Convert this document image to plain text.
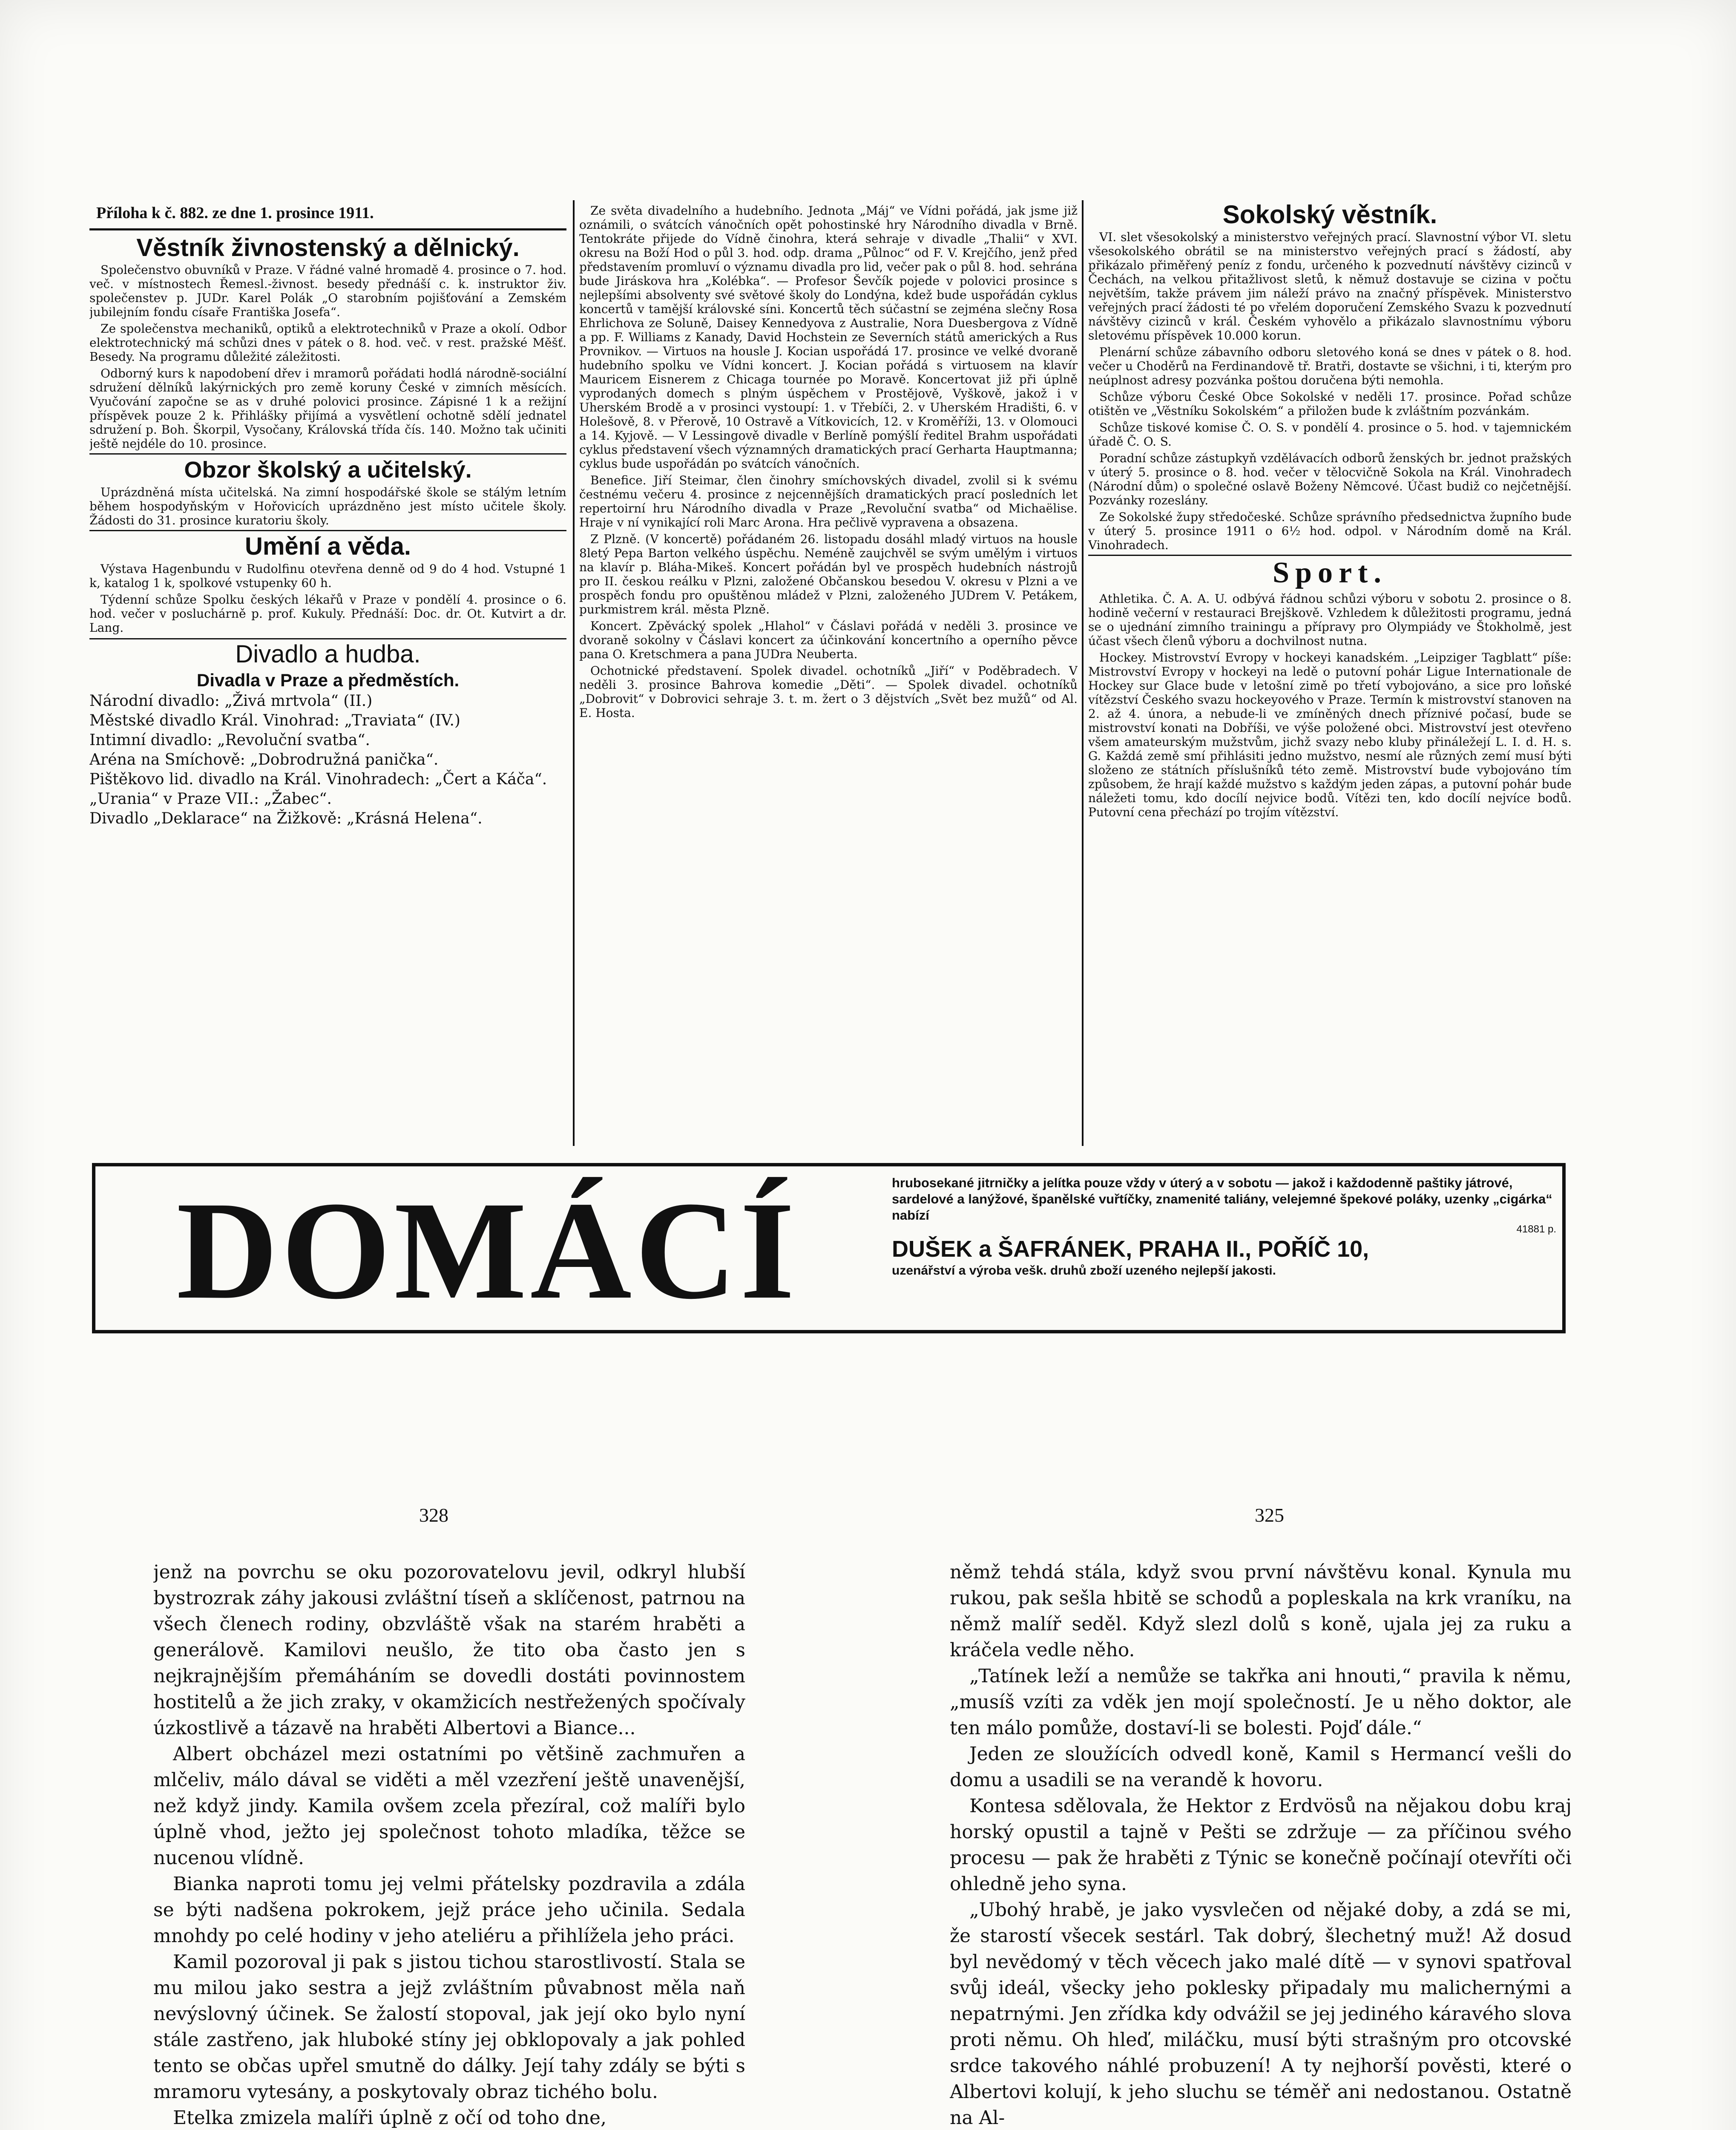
Příloha k č. 882. ze dne 1. prosince 1911.
Věstník živnostenský a dělnický.

Společenstvo obuvníků v Praze. V řádné valné hromadě 4. prosince o 7. hod. več. v místnostech Řemesl.-živnost. besedy přednáší c. k. instruktor živ. společenstev p. JUDr. Karel Polák „O starobním pojišťování a Zemském jubilejním fondu císaře Františka Josefa“.

Ze společenstva mechaniků, optiků a elektrotechniků v Praze a okolí. Odbor elektrotechnický má schůzi dnes v pátek o 8. hod. več. v rest. pražské Měšť. Besedy. Na programu důležité záležitosti.

Odborný kurs k napodobení dřev i mramorů pořádati hodlá národně-sociální sdružení dělníků lakýrnických pro země koruny České v zimních měsících. Vyučování započne se as v druhé polovici prosince. Zápisné 1 k a režijní příspěvek pouze 2 k. Přihlášky přijímá a vysvětlení ochotně sdělí jednatel sdružení p. Boh. Škorpil, Vysočany, Královská třída čís. 140. Možno tak učiniti ještě nejdéle do 10. prosince.

Obzor školský a učitelský.

Uprázdněná místa učitelská. Na zimní hospodářské škole se stálým letním během hospodyňským v Hořovicích uprázdněno jest místo učitele školy. Žádosti do 31. prosince kuratoriu školy.

Umění a věda.

Výstava Hagenbundu v Rudolfinu otevřena denně od 9 do 4 hod. Vstupné 1 k, katalog 1 k, spolkové vstupenky 60 h.

Týdenní schůze Spolku českých lékařů v Praze v pondělí 4. prosince o 6. hod. večer v posluchárně p. prof. Kukuly. Přednáší: Doc. dr. Ot. Kutvirt a dr. Lang.

Divadlo a hudba.
Divadla v Praze a předměstích.
Národní divadlo: „Živá mrtvola“ (II.)
Městské divadlo Král. Vinohrad: „Traviata“ (IV.)
Intimní divadlo: „Revoluční svatba“.
Aréna na Smíchově: „Dobrodružná panička“.
Pištěkovo lid. divadlo na Král. Vinohradech: „Čert a Káča“.
„Urania“ v Praze VII.: „Žabec“.
Divadlo „Deklarace“ na Žižkově: „Krásná Helena“.

Ze světa divadelního a hudebního. Jednota „Máj“ ve Vídni pořádá, jak jsme již oznámili, o svátcích vánočních opět pohostinské hry Národního divadla v Brně. Tentokráte přijede do Vídně činohra, která sehraje v divadle „Thalii“ v XVI. okresu na Boží Hod o půl 3. hod. odp. drama „Půlnoc“ od F. V. Krejčího, jenž před představením promluví o významu divadla pro lid, večer pak o půl 8. hod. sehrána bude Jiráskova hra „Kolébka“. — Profesor Ševčík pojede v polovici prosince s nejlepšími absolventy své světové školy do Londýna, kdež bude uspořádán cyklus koncertů v tamější královské síni. Koncertů těch súčastní se zejména slečny Rosa Ehrlichova ze Soluně, Daisey Kennedyova z Australie, Nora Duesbergova z Vídně a pp. F. Williams z Kanady, David Hochstein ze Severních států amerických a Rus Provnikov. — Virtuos na housle J. Kocian uspořádá 17. prosince ve velké dvoraně hudebního spolku ve Vídni koncert. J. Kocian pořádá s virtuosem na klavír Mauricem Eisnerem z Chicaga tournée po Moravě. Koncertovat již při úplně vyprodaných domech s plným úspěchem v Prostějově, Vyškově, jakož i v Uherském Brodě a v prosinci vystoupí: 1. v Třebíči, 2. v Uherském Hradišti, 6. v Holešově, 8. v Přerově, 10 Ostravě a Vítkovicích, 12. v Kroměříži, 13. v Olomouci a 14. Kyjově. — V Lessingově divadle v Berlíně pomýšlí ředitel Brahm uspořádati cyklus představení všech významných dramatických prací Gerharta Hauptmanna; cyklus bude uspořádán po svátcích vánočních.

Benefice. Jiří Steimar, člen činohry smíchovských divadel, zvolil si k svému čestnému večeru 4. prosince z nejcennějších dramatických prací posledních let repertoirní hru Národního divadla v Praze „Revoluční svatba“ od Michaëlise. Hraje v ní vynikající roli Marc Arona. Hra pečlivě vypravena a obsazena.

Z Plzně. (V koncertě) pořádaném 26. listopadu dosáhl mladý virtuos na housle 8letý Pepa Barton velkého úspěchu. Neméně zaujchvěl se svým umělým i virtuos na klavír p. Bláha-Mikeš. Koncert pořádán byl ve prospěch hudebních nástrojů pro II. českou reálku v Plzni, založené Občanskou besedou V. okresu v Plzni a ve prospěch fondu pro opuštěnou mládež v Plzni, založeného JUDrem V. Petákem, purkmistrem král. města Plzně.

Koncert. Zpěvácký spolek „Hlahol“ v Čáslavi pořádá v neděli 3. prosince ve dvoraně sokolny v Čáslavi koncert za účinkování koncertního a operního pěvce pana O. Kretschmera a pana JUDra Neuberta.

Ochotnické představení. Spolek divadel. ochotníků „Jiří“ v Poděbradech. V neděli 3. prosince Bahrova komedie „Děti“. — Spolek divadel. ochotníků „Dobrovit“ v Dobrovici sehraje 3. t. m. žert o 3 dějstvích „Svět bez mužů“ od Al. E. Hosta.

Sokolský věstník.

VI. slet všesokolský a ministerstvo veřejných prací. Slavnostní výbor VI. sletu všesokolského obrátil se na ministerstvo veřejných prací s žádostí, aby přikázalo přiměřený peníz z fondu, určeného k pozvednutí návštěvy cizinců v Čechách, na velkou přitažlivost sletů, k němuž dostavuje se cizina v počtu největším, takže právem jim náleží právo na značný příspěvek. Ministerstvo veřejných prací žádosti té po vřelém doporučení Zemského Svazu k pozvednutí návštěvy cizinců v král. Českém vyhovělo a přikázalo slavnostnímu výboru sletovému příspěvek 10.000 korun.

Plenární schůze zábavního odboru sletového koná se dnes v pátek o 8. hod. večer u Choděrů na Ferdinandově tř. Bratři, dostavte se všichni, i ti, kterým pro neúplnost adresy pozvánka poštou doručena býti nemohla.

Schůze výboru České Obce Sokolské v neděli 17. prosince. Pořad schůze otištěn ve „Věstníku Sokolském“ a přiložen bude k zvláštním pozvánkám.

Schůze tiskové komise Č. O. S. v pondělí 4. prosince o 5. hod. v tajemnickém úřadě Č. O. S.

Poradní schůze zástupkyň vzdělávacích odborů ženských br. jednot pražských v úterý 5. prosince o 8. hod. večer v tělocvičně Sokola na Král. Vinohradech (Národní dům) o společné oslavě Boženy Němcové. Účast budiž co nejčetnější. Pozvánky rozeslány.

Ze Sokolské župy středočeské. Schůze správního předsednictva župního bude v úterý 5. prosince 1911 o 6½ hod. odpol. v Národním domě na Král. Vinohradech.

Sport.

Athletika. Č. A. A. U. odbývá řádnou schůzi výboru v sobotu 2. prosince o 8. hodině večerní v restauraci Brejškově. Vzhledem k důležitosti programu, jedná se o ujednání zimního trainingu a přípravy pro Olympiády ve Štokholmě, jest účast všech členů výboru a dochvilnost nutna.

Hockey. Mistrovství Evropy v hockeyi kanadském. „Leipziger Tagblatt“ píše: Mistrovství Evropy v hockeyi na ledě o putovní pohár Ligue Internationale de Hockey sur Glace bude v letošní zimě po třetí vybojováno, a sice pro loňské vítězství Českého svazu hockeyového v Praze. Termín k mistrovství stanoven na 2. až 4. února, a nebude-li ve zmíněných dnech příznivé počasí, bude se mistrovství konati na Dobříši, ve výše položené obci. Mistrovství jest otevřeno všem amateurským mužstvům, jichž svazy nebo kluby přináležejí L. I. d. H. s. G. Každá země smí přihlásiti jedno mužstvo, nesmí ale různých zemí musí býti složeno ze státních příslušníků této země. Mistrovství bude vybojováno tím způsobem, že hrají každé mužstvo s každým jeden zápas, a putovní pohár bude náležeti tomu, kdo docílí nejvice bodů. Vítězi ten, kdo docílí nejvíce bodů. Putovní cena přechází po trojím vítězství.

DOMÁCÍ	hrubosekané jitrničky a jelítka pouze vždy v úterý a v sobotu — jakož i každodenně paštiky játrové, sardelové a lanýžové, španělské vuřtíčky, znamenité taliány, velejemné špekové poláky, uzenky „cigárka“ nabízí
41881 p.
DUŠEK a ŠAFRÁNEK, PRAHA II., POŘÍČ 10,
uzenářství a výroba vešk. druhů zboží uzeného nejlepší jakosti.
328	325

jenž na povrchu se oku pozorovatelovu jevil, odkryl hlubší bystrozrak záhy jakousi zvláštní tíseň a sklíčenost, patrnou na všech členech rodiny, obzvláště však na starém hraběti a generálově. Kamilovi neušlo, že tito oba často jen s nejkrajnějším přemáháním se dovedli dostáti povinnostem hostitelů a že jich zraky, v okamžicích nestřežených spočívaly úzkostlivě a tázavě na hraběti Albertovi a Biance...

Albert obcházel mezi ostatními po většině zachmuřen a mlčeliv, málo dával se viděti a měl vzezření ještě unavenější, než když jindy. Kamila ovšem zcela přezíral, což malíři bylo úplně vhod, ježto jej společnost tohoto mladíka, těžce se nucenou vlídně.

Bianka naproti tomu jej velmi přátelsky pozdravila a zdála se býti nadšena pokrokem, jejž práce jeho učinila. Sedala mnohdy po celé hodiny v jeho ateliéru a přihlížela jeho práci.

Kamil pozoroval ji pak s jistou tichou starostlivostí. Stala se mu milou jako sestra a jejž zvláštním půvabnost měla naň nevýslovný účinek. Se žalostí stopoval, jak její oko bylo nyní stále zastřeno, jak hluboké stíny jej obklopovaly a jak pohled tento se občas upřel smutně do dálky. Její tahy zdály se býti s mramoru vytesány, a poskytovaly obraz tichého bolu.

Etelka zmizela malíři úplně z očí od toho dne,

němž tehdá stála, když svou první návštěvu konal. Kynula mu rukou, pak sešla hbitě se schodů a popleskala na krk vraníku, na němž malíř seděl. Když slezl dolů s koně, ujala jej za ruku a kráčela vedle něho.

„Tatínek leží a nemůže se takřka ani hnouti,“ pravila k němu, „musíš vzíti za vděk jen mojí společností. Je u něho doktor, ale ten málo pomůže, dostaví-li se bolesti. Pojď dále.“

Jeden ze sloužících odvedl koně, Kamil s Hermancí vešli do domu a usadili se na verandě k hovoru.

Kontesa sdělovala, že Hektor z Erdvösů na nějakou dobu kraj horský opustil a tajně v Pešti se zdržuje — za příčinou svého procesu — pak že hraběti z Týnic se konečně počínají otevříti oči ohledně jeho syna.

„Ubohý hrabě, je jako vysvlečen od nějaké doby, a zdá se mi, že starostí všecek sestárl. Tak dobrý, šlechetný muž! Až dosud byl nevědomý v těch věcech jako malé dítě — v synovi spatřoval svůj ideál, všecky jeho poklesky připadaly mu malichernými a nepatrnými. Jen zřídka kdy odvážil se jej jediného káravého slova proti němu. Oh hleď, miláčku, musí býti strašným pro otcovské srdce takového náhlé probuzení! A ty nejhorší pověsti, které o Albertovi kolují, k jeho sluchu se téměř ani nedostanou. Ostatně na Al-
